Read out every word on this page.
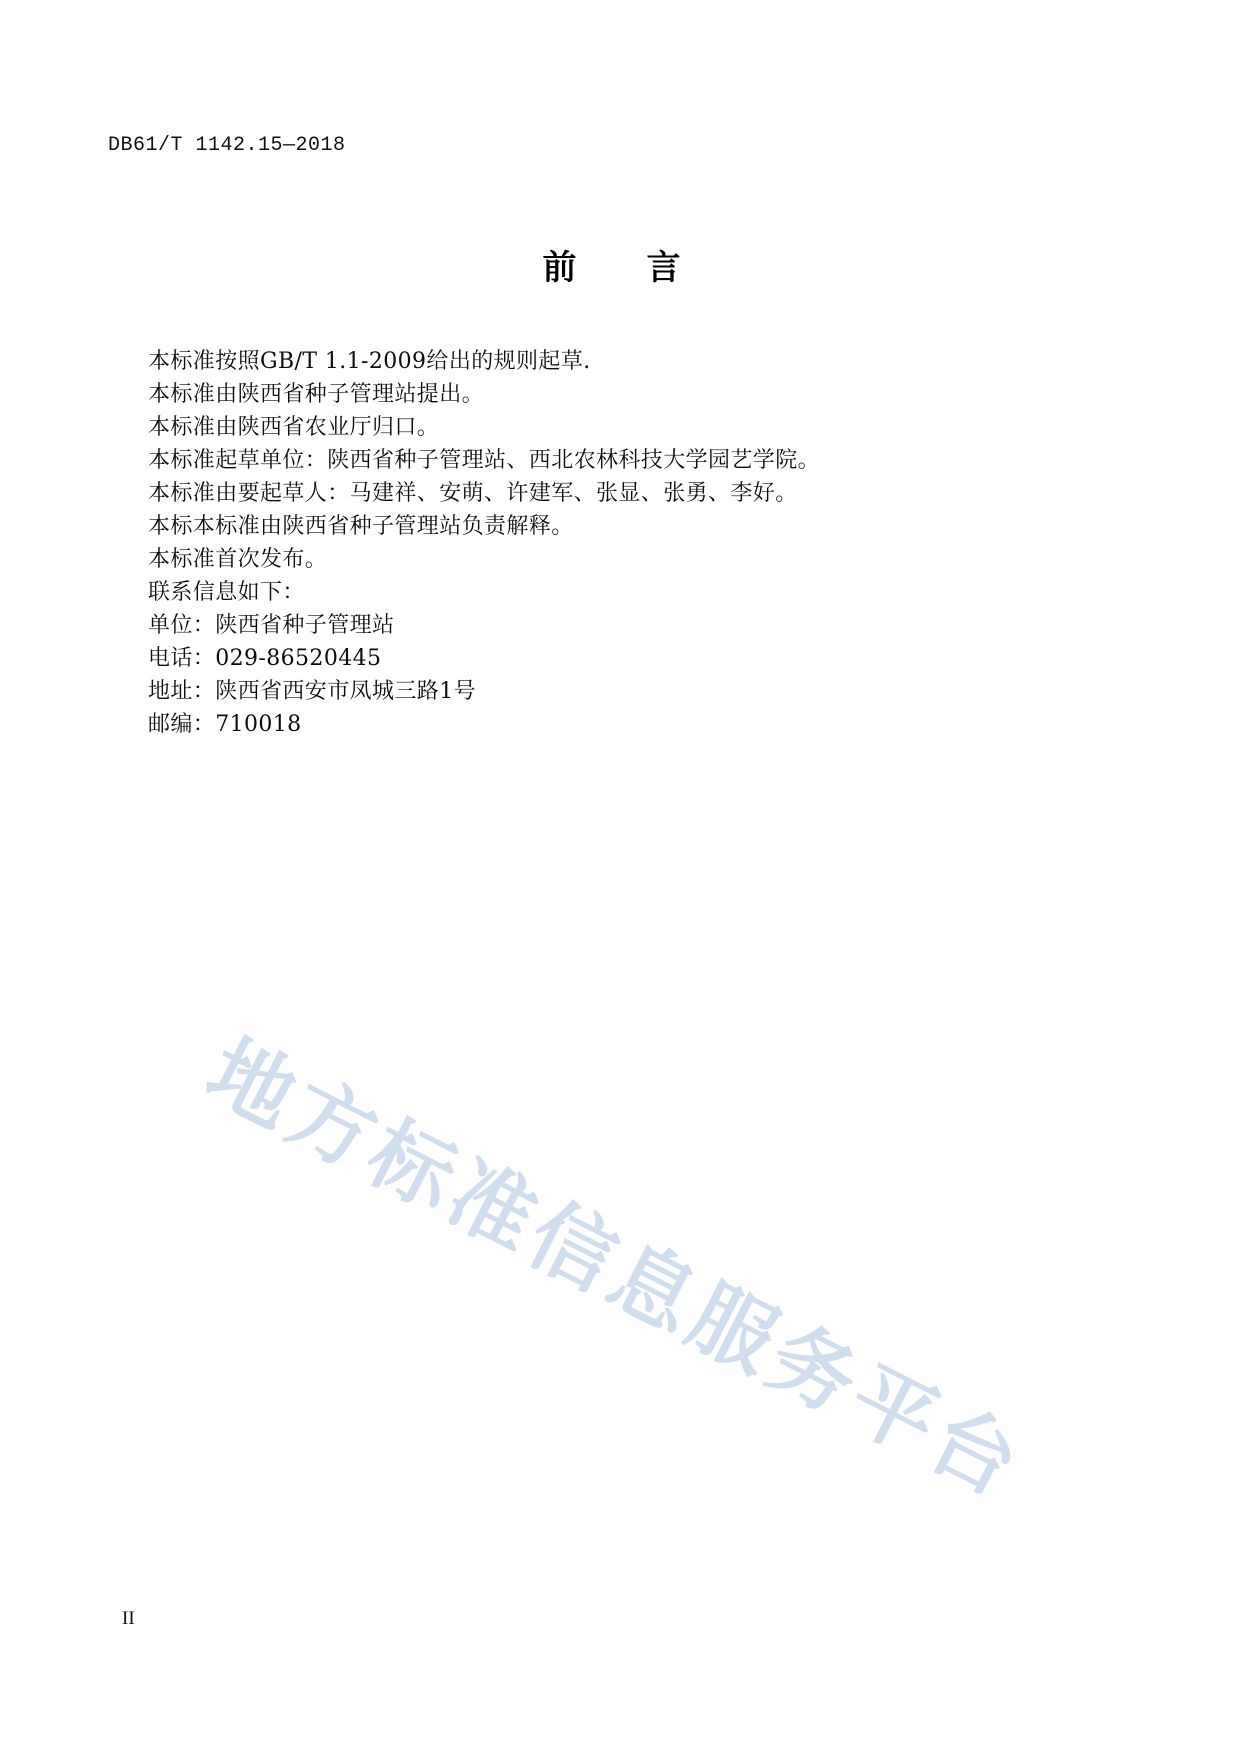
DB61/T 1142.15—2018
前　言
本标准按照GB/T 1.1-2009给出的规则起草.
本标准由陕西省种子管理站提出。
本标准由陕西省农业厅归口。
本标准起草单位：陕西省种子管理站、西北农林科技大学园艺学院。
本标准由要起草人：马建祥、安萌、许建军、张显、张勇、李好。
本标本标准由陕西省种子管理站负责解释。
本标准首次发布。
联系信息如下：
单位：陕西省种子管理站
电话：029-86520445
地址：陕西省西安市凤城三路1号
邮编：710018
地方标准信息服务平台
II
